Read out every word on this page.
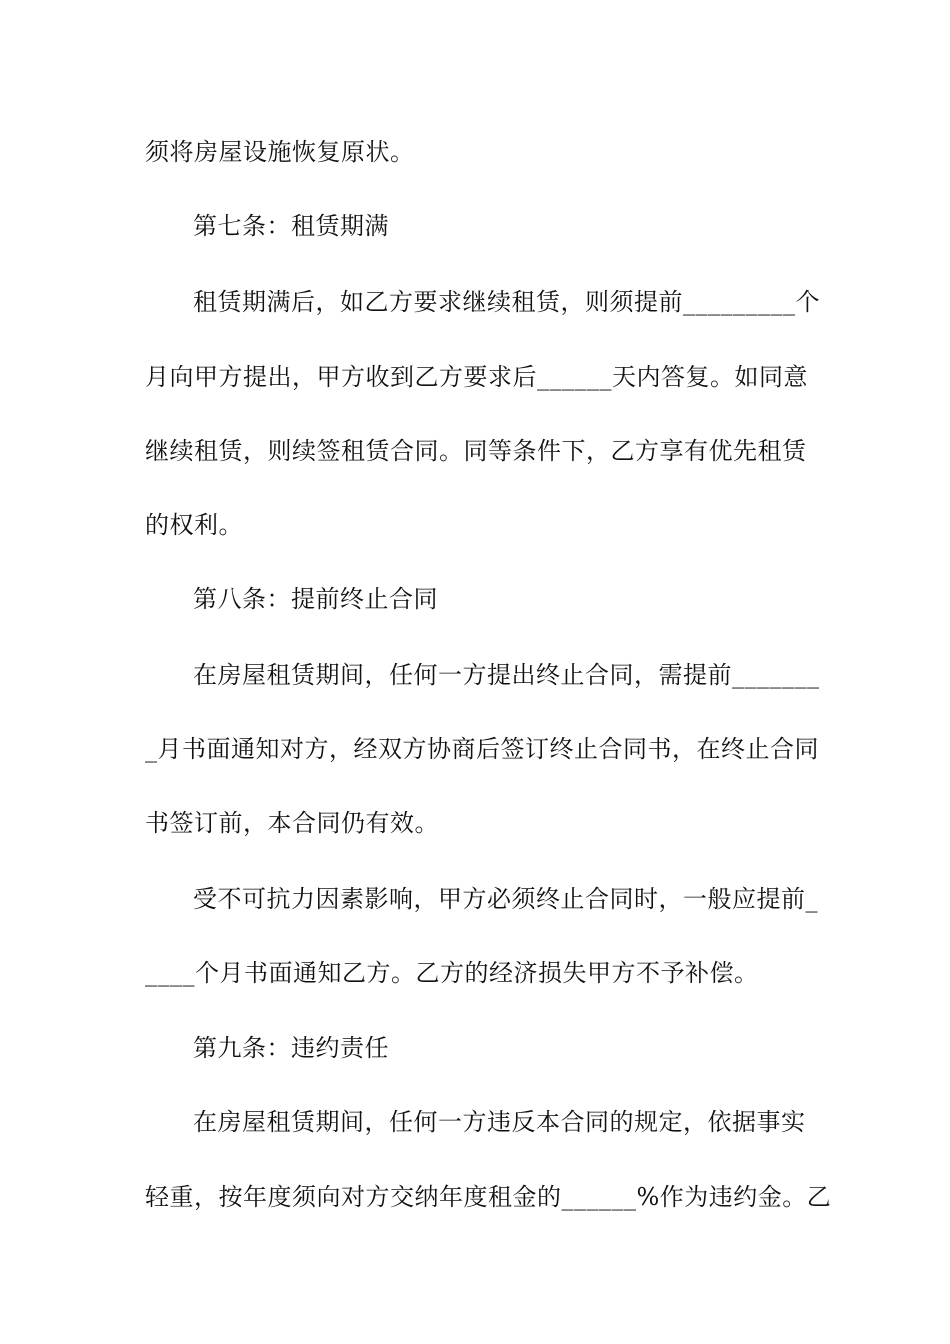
须将房屋设施恢复原状。
第七条：租赁期满
租赁期满后，如乙方要求继续租赁，则须提前_________个
月向甲方提出，甲方收到乙方要求后______天内答复。如同意
继续租赁，则续签租赁合同。同等条件下，乙方享有优先租赁
的权利。
第八条：提前终止合同
在房屋租赁期间，任何一方提出终止合同，需提前_______
_月书面通知对方，经双方协商后签订终止合同书，在终止合同
书签订前，本合同仍有效。
受不可抗力因素影响，甲方必须终止合同时，一般应提前_
____个月书面通知乙方。乙方的经济损失甲方不予补偿。
第九条：违约责任
在房屋租赁期间，任何一方违反本合同的规定，依据事实
轻重，按年度须向对方交纳年度租金的______%作为违约金。乙
